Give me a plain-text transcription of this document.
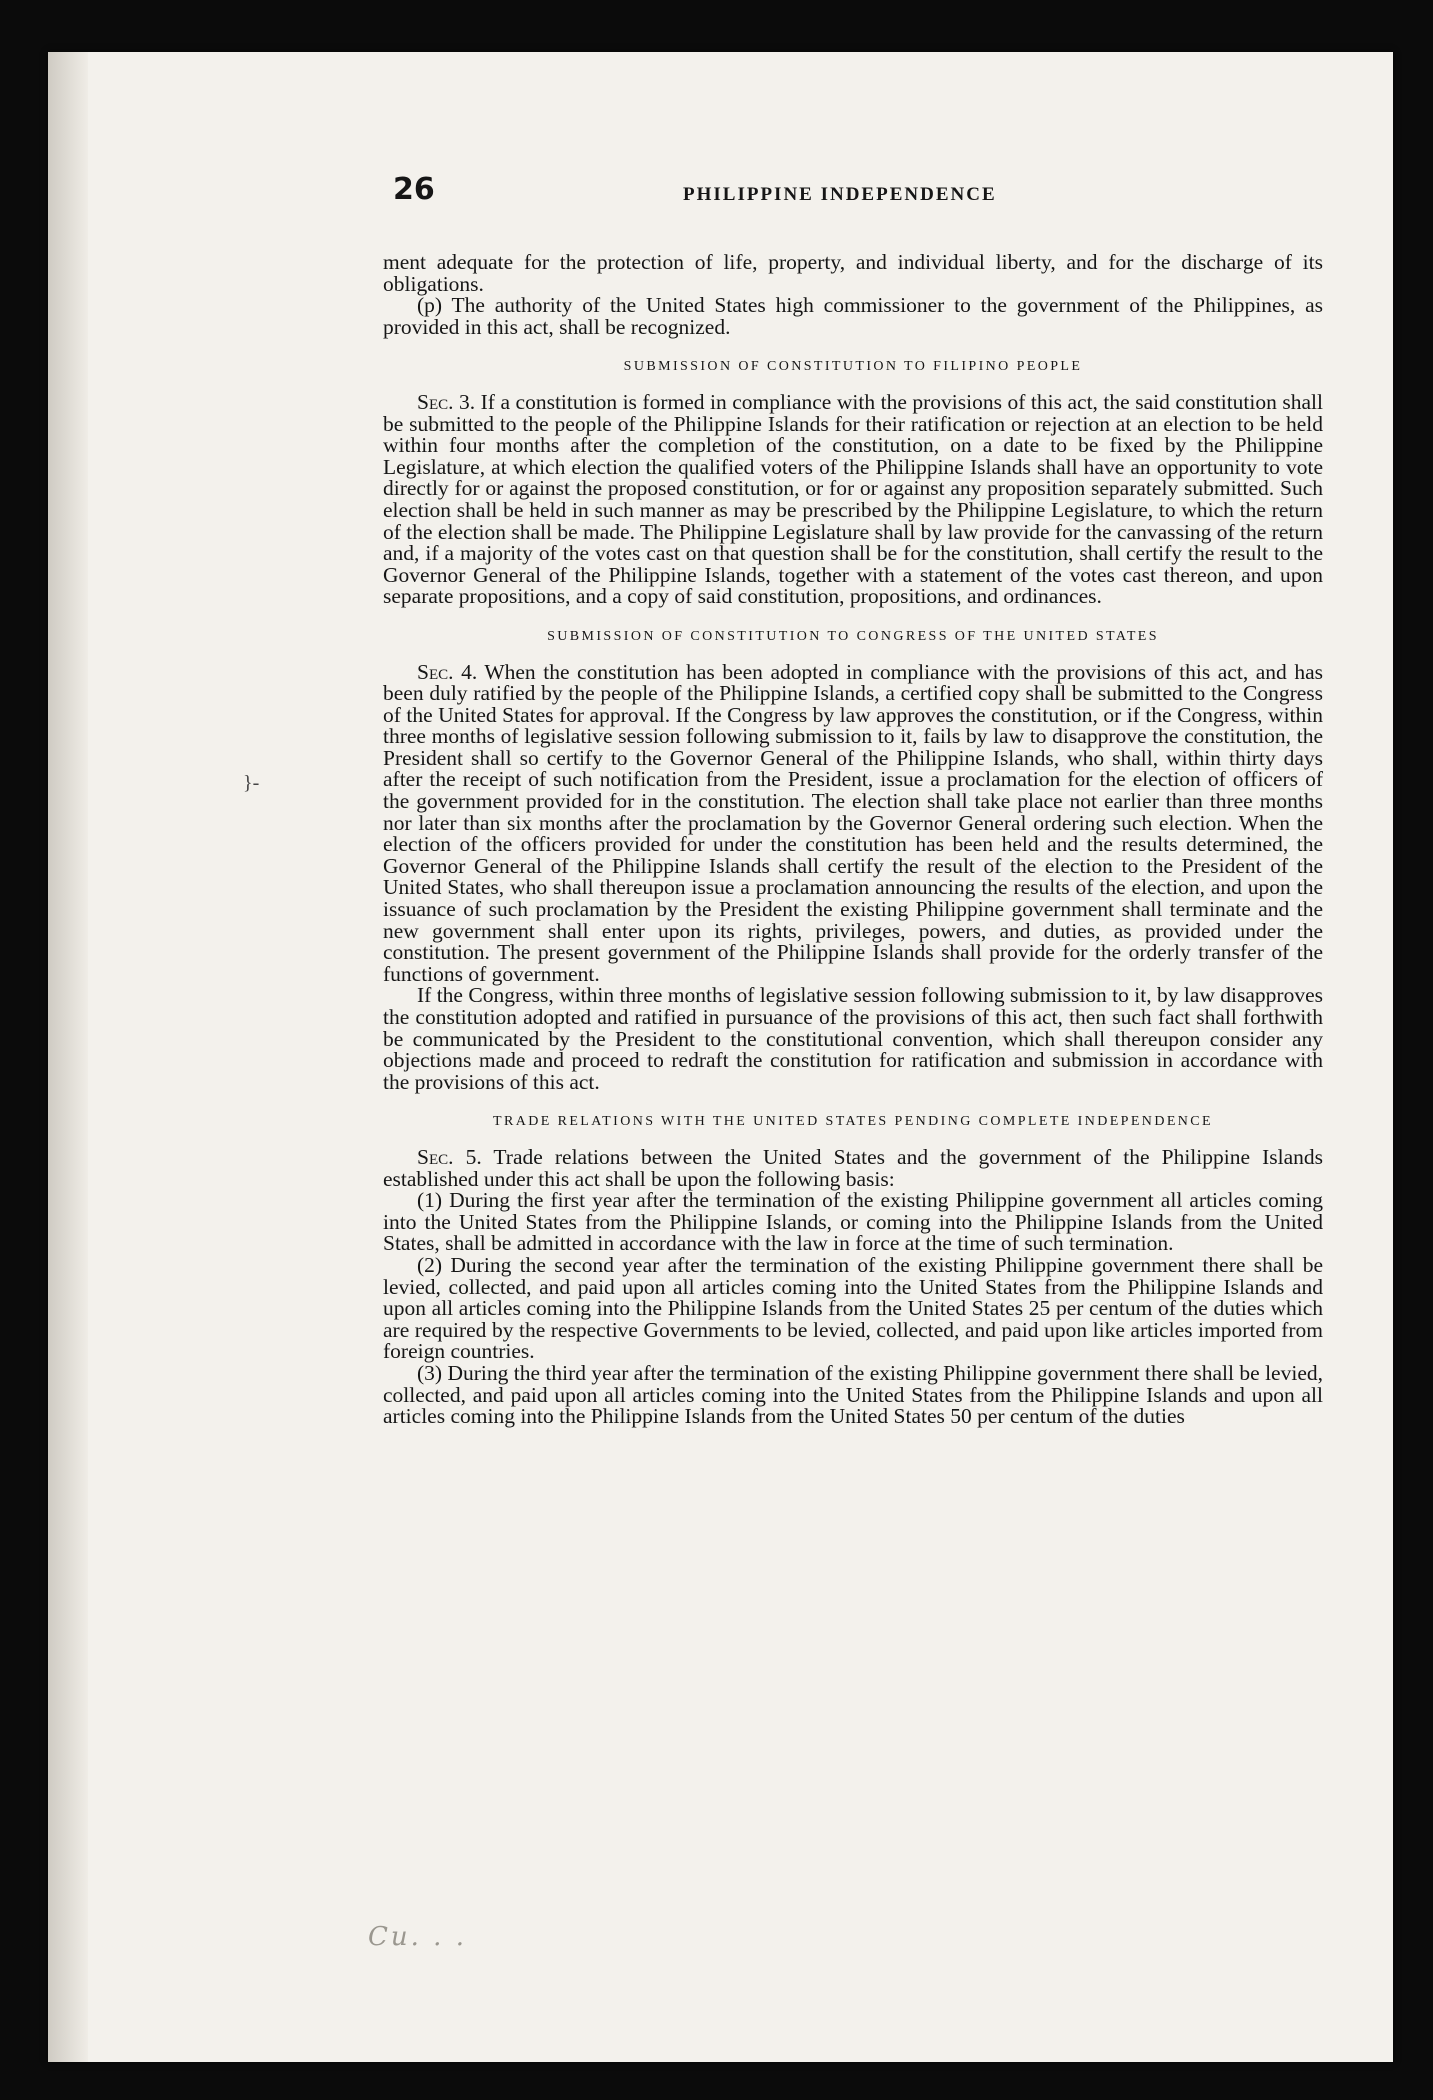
26	PHILIPPINE INDEPENDENCE

ment adequate for the protection of life, property, and individual liberty, and for the discharge of its obligations.

(p) The authority of the United States high commissioner to the government of the Philippines, as provided in this act, shall be recognized.

SUBMISSION OF CONSTITUTION TO FILIPINO PEOPLE

Sec. 3. If a constitution is formed in compliance with the provisions of this act, the said constitution shall be submitted to the people of the Philippine Islands for their ratification or rejection at an election to be held within four months after the completion of the constitution, on a date to be fixed by the Philippine Legislature, at which election the qualified voters of the Philippine Islands shall have an opportunity to vote directly for or against the proposed constitution, or for or against any proposition separately submitted. Such election shall be held in such manner as may be prescribed by the Philippine Legislature, to which the return of the election shall be made. The Philippine Legislature shall by law provide for the canvassing of the return and, if a majority of the votes cast on that question shall be for the constitution, shall certify the result to the Governor General of the Philippine Islands, together with a statement of the votes cast thereon, and upon separate propositions, and a copy of said constitution, propositions, and ordinances.

SUBMISSION OF CONSTITUTION TO CONGRESS OF THE UNITED STATES

Sec. 4. When the constitution has been adopted in compliance with the provisions of this act, and has been duly ratified by the people of the Philippine Islands, a certified copy shall be submitted to the Congress of the United States for approval. If the Congress by law approves the constitution, or if the Congress, within three months of legislative session following submission to it, fails by law to disapprove the constitution, the President shall so certify to the Governor General of the Philippine Islands, who shall, within thirty days after the receipt of such notification from the President, issue a proclamation for the election of officers of the government provided for in the constitution. The election shall take place not earlier than three months nor later than six months after the proclamation by the Governor General ordering such election. When the election of the officers provided for under the constitution has been held and the results determined, the Governor General of the Philippine Islands shall certify the result of the election to the President of the United States, who shall thereupon issue a proclamation announcing the results of the election, and upon the issuance of such proclamation by the President the existing Philippine government shall terminate and the new government shall enter upon its rights, privileges, powers, and duties, as provided under the constitution. The present government of the Philippine Islands shall provide for the orderly transfer of the functions of government.

If the Congress, within three months of legislative session following submission to it, by law disapproves the constitution adopted and ratified in pursuance of the provisions of this act, then such fact shall forthwith be communicated by the President to the constitutional convention, which shall thereupon consider any objections made and proceed to redraft the constitution for ratification and submission in accordance with the provisions of this act.

TRADE RELATIONS WITH THE UNITED STATES PENDING COMPLETE INDEPENDENCE

Sec. 5. Trade relations between the United States and the government of the Philippine Islands established under this act shall be upon the following basis:

(1) During the first year after the termination of the existing Philippine government all articles coming into the United States from the Philippine Islands, or coming into the Philippine Islands from the United States, shall be admitted in accordance with the law in force at the time of such termination.

(2) During the second year after the termination of the existing Philippine government there shall be levied, collected, and paid upon all articles coming into the United States from the Philippine Islands and upon all articles coming into the Philippine Islands from the United States 25 per centum of the duties which are required by the respective Governments to be levied, collected, and paid upon like articles imported from foreign countries.

(3) During the third year after the termination of the existing Philippine government there shall be levied, collected, and paid upon all articles coming into the United States from the Philippine Islands and upon all articles coming into the Philippine Islands from the United States 50 per centum of the duties

}-
Cu. . .
